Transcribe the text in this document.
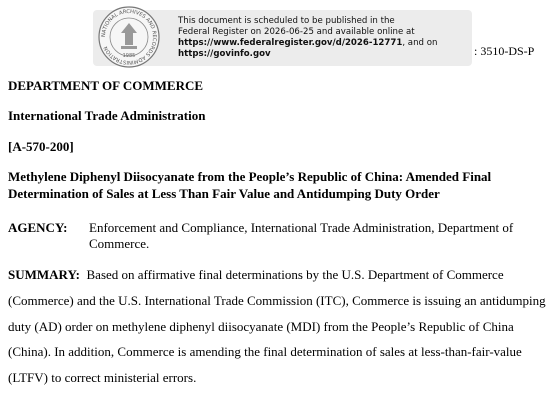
NATIONAL ARCHIVES AND RECORDS ADMINISTRATION
1985
This document is scheduled to be published in the
Federal Register on 2026-06-25 and available online at
https://www.federalregister.gov/d/2026-12771, and on
https://govinfo.gov	: 3510-DS-P
DEPARTMENT OF COMMERCE
International Trade Administration
[A-570-200]
Methylene Diphenyl Diisocyanate from the People’s Republic of China: Amended Final
Determination of Sales at Less Than Fair Value and Antidumping Duty Order
AGENCY: Enforcement and Compliance, International Trade Administration, Department of Commerce.
SUMMARY: Based on affirmative final determinations by the U.S. Department of Commerce (Commerce) and the U.S. International Trade Commission (ITC), Commerce is issuing an antidumping duty (AD) order on methylene diphenyl diisocyanate (MDI) from the People’s Republic of China (China). In addition, Commerce is amending the final determination of sales at less-than-fair-value (LTFV) to correct ministerial errors.
